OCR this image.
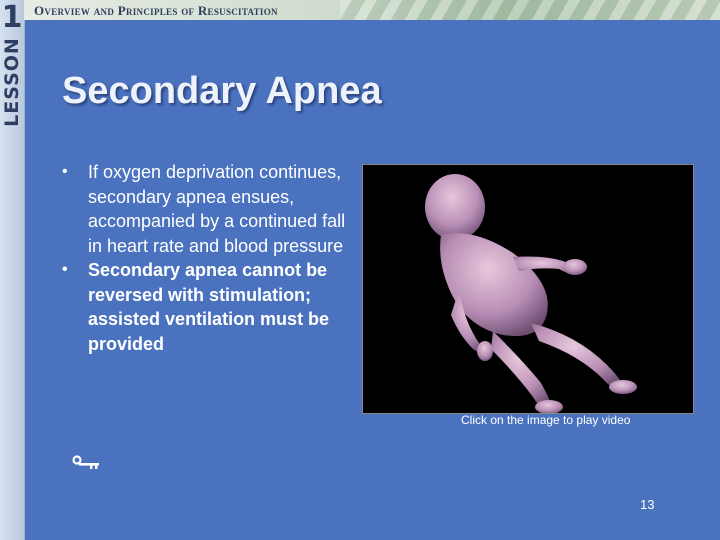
1
LESSON
Overview and Principles of Resuscitation
Secondary Apnea
• If oxygen deprivation continues, secondary apnea ensues, accompanied by a continued fall in heart rate and blood pressure
• Secondary apnea cannot be reversed with stimulation; assisted ventilation must be provided
Click on the image to play video
13
